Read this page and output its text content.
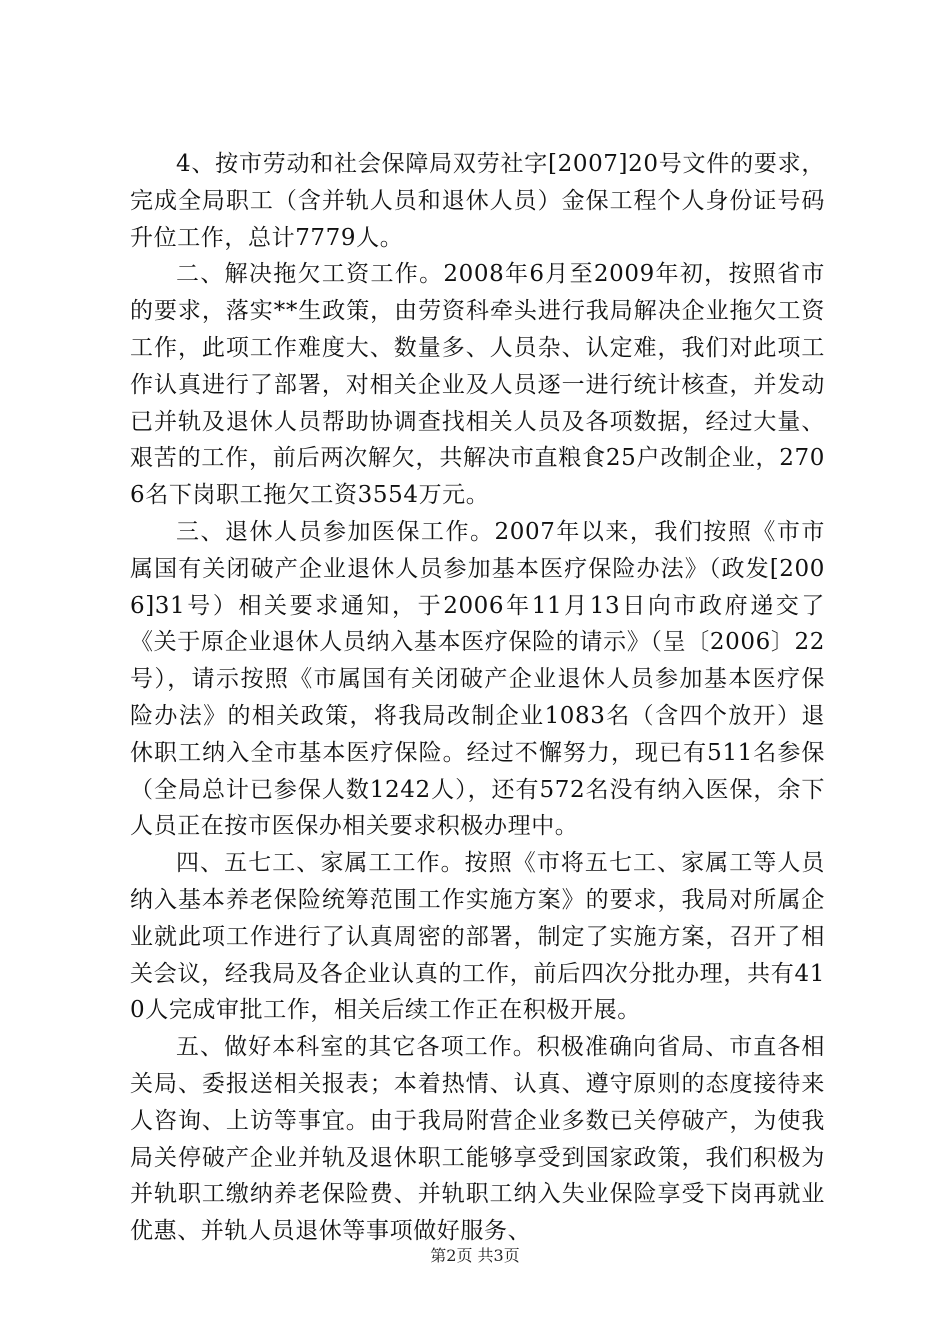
4、按市劳动和社会保障局双劳社字[2007]20号文件的要求，完成全局职工（含并轨人员和退休人员）金保工程个人身份证号码升位工作，总计7779人。

二、解决拖欠工资工作。2008年6月至2009年初，按照省市的要求，落实**生政策，由劳资科牵头进行我局解决企业拖欠工资工作，此项工作难度大、数量多、人员杂、认定难，我们对此项工作认真进行了部署，对相关企业及人员逐一进行统计核查，并发动已并轨及退休人员帮助协调查找相关人员及各项数据，经过大量、艰苦的工作，前后两次解欠，共解决市直粮食25户改制企业，2706名下岗职工拖欠工资3554万元。

三、退休人员参加医保工作。2007年以来，我们按照《市市属国有关闭破产企业退休人员参加基本医疗保险办法》（政发[2006]31号）相关要求通知，于2006年11月13日向市政府递交了《关于原企业退休人员纳入基本医疗保险的请示》（呈〔2006〕22号），请示按照《市属国有关闭破产企业退休人员参加基本医疗保险办法》的相关政策，将我局改制企业1083名（含四个放开）退休职工纳入全市基本医疗保险。经过不懈努力，现已有511名参保（全局总计已参保人数1242人），还有572名没有纳入医保，余下人员正在按市医保办相关要求积极办理中。

四、五七工、家属工工作。按照《市将五七工、家属工等人员纳入基本养老保险统筹范围工作实施方案》的要求，我局对所属企业就此项工作进行了认真周密的部署，制定了实施方案，召开了相关会议，经我局及各企业认真的工作，前后四次分批办理，共有410人完成审批工作，相关后续工作正在积极开展。

五、做好本科室的其它各项工作。积极准确向省局、市直各相关局、委报送相关报表；本着热情、认真、遵守原则的态度接待来人咨询、上访等事宜。由于我局附营企业多数已关停破产，为使我局关停破产企业并轨及退休职工能够享受到国家政策，我们积极为并轨职工缴纳养老保险费、并轨职工纳入失业保险享受下岗再就业优惠、并轨人员退休等事项做好服务、

第2页 共3页
